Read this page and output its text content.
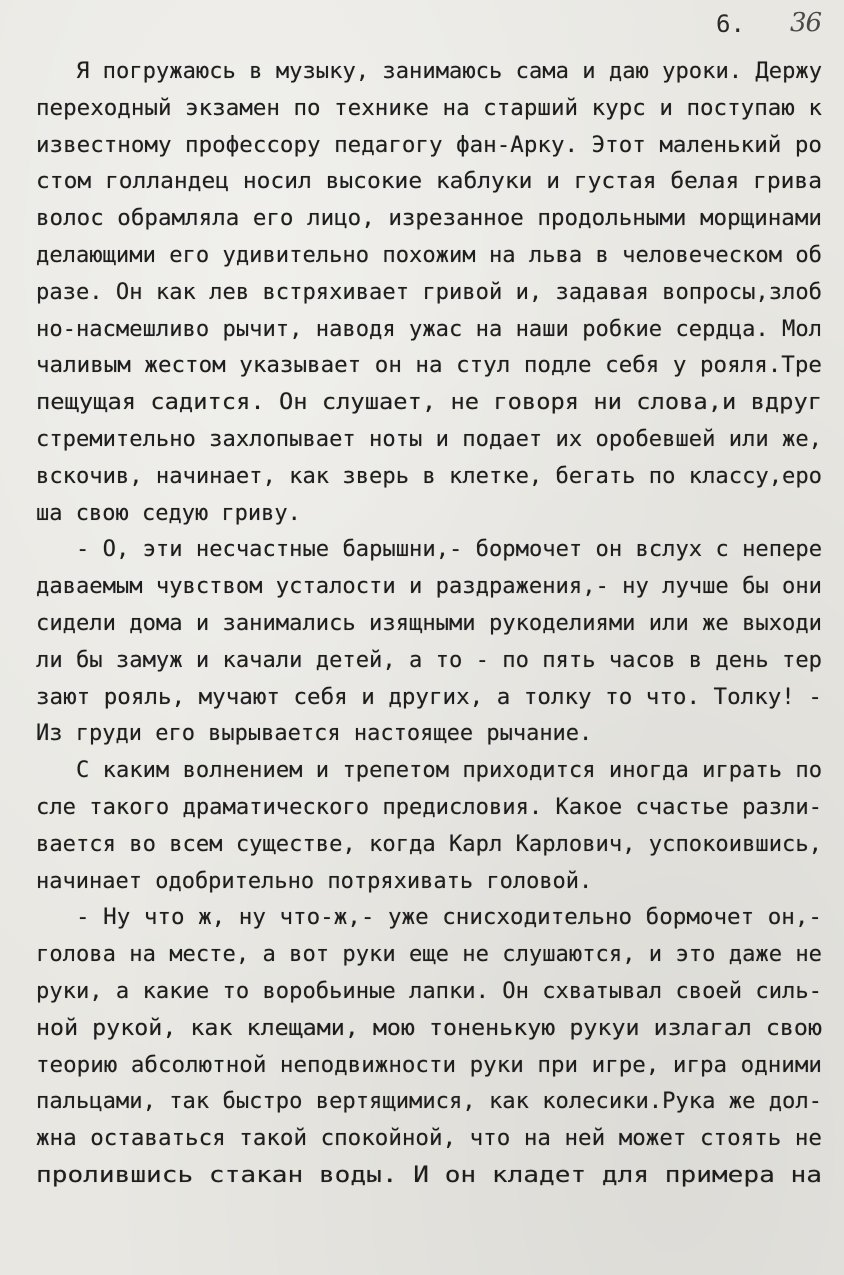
6. 36
Я погружаюсь в музыку, занимаюсь сама и даю уроки. Держу
переходный экзамен по технике на старший курс и поступаю к
известному профессору педагогу фан-Арку. Этот маленький ро
стом голландец носил высокие каблуки и густая белая грива
волос обрамляла его лицо, изрезанное продольными морщинами
делающими его удивительно похожим на льва в человеческом об
разе. Он как лев встряхивает гривой и, задавая вопросы,злоб
но-насмешливо рычит, наводя ужас на наши робкие сердца. Мол
чаливым жестом указывает он на стул подле себя у рояля.Тре
пещущая садится. Он слушает, не говоря ни слова,и вдруг
стремительно захлопывает ноты и подает их оробевшей или же,
вскочив, начинает, как зверь в клетке, бегать по классу,еро
ша свою седую гриву.
- О, эти несчастные барышни,- бормочет он вслух с непере
даваемым чувством усталости и раздражения,- ну лучше бы они
сидели дома и занимались изящными рукоделиями или же выходи
ли бы замуж и качали детей, а то - по пять часов в день тер
зают рояль, мучают себя и других, а толку то что. Толку! -
Из груди его вырывается настоящее рычание.
С каким волнением и трепетом приходится иногда играть по
сле такого драматического предисловия. Какое счастье разли-
вается во всем существе, когда Карл Карлович, успокоившись,
начинает одобрительно потряхивать головой.
- Ну что ж, ну что-ж,- уже снисходительно бормочет он,-
голова на месте, а вот руки еще не слушаются, и это даже не
руки, а какие то воробьиные лапки. Он схватывал своей силь-
ной рукой, как клещами, мою тоненькую рукуи излагал свою
теорию абсолютной неподвижности руки при игре, игра одними
пальцами, так быстро вертящимися, как колесики.Рука же дол-
жна оставаться такой спокойной, что на ней может стоять не
пролившись стакан воды. И он кладет для примера на
